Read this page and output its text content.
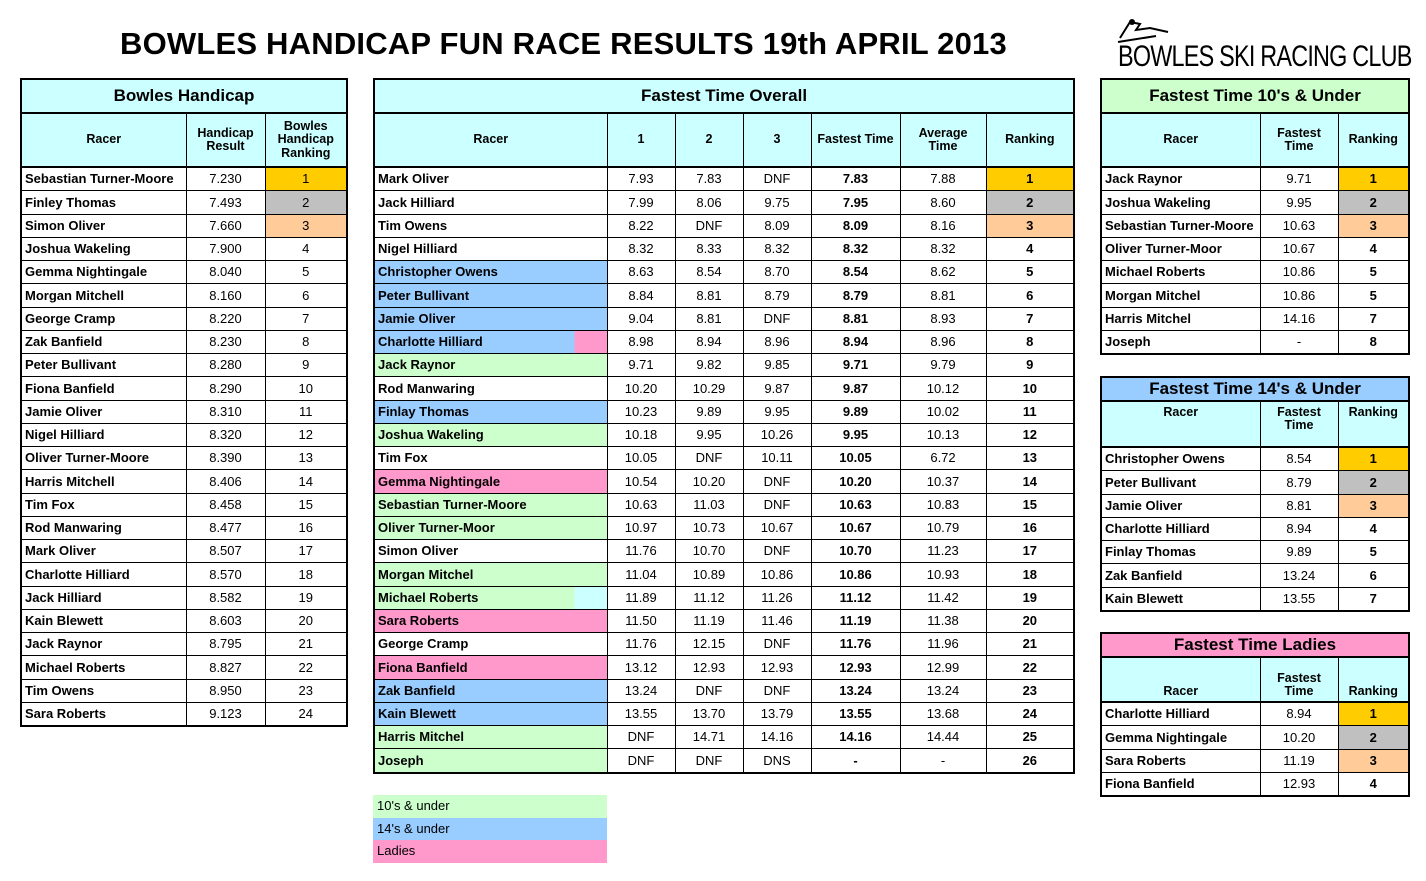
BOWLES HANDICAP FUN RACE RESULTS 19th APRIL 2013	BOWLES SKI RACING CLUB
Bowles Handicap		
Racer	Handicap Result	Bowles Handicap Ranking
Sebastian Turner-Moore	7.230	1
Finley Thomas	7.493	2
Simon Oliver	7.660	3
Joshua Wakeling	7.900	4
Gemma Nightingale	8.040	5
Morgan Mitchell	8.160	6
George Cramp	8.220	7
Zak Banfield	8.230	8
Peter Bullivant	8.280	9
Fiona Banfield	8.290	10
Jamie Oliver	8.310	11
Nigel Hilliard	8.320	12
Oliver Turner-Moore	8.390	13
Harris Mitchell	8.406	14
Tim Fox	8.458	15
Rod Manwaring	8.477	16
Mark Oliver	8.507	17
Charlotte Hilliard	8.570	18
Jack Hilliard	8.582	19
Kain Blewett	8.603	20
Jack Raynor	8.795	21
Michael Roberts	8.827	22
Tim Owens	8.950	23
Sara Roberts	9.123	24
Fastest Time Overall						
Racer	1	2	3	Fastest Time	Average Time	Ranking
Mark Oliver	7.93	7.83	DNF	7.83	7.88	1
Jack Hilliard	7.99	8.06	9.75	7.95	8.60	2
Tim Owens	8.22	DNF	8.09	8.09	8.16	3
Nigel Hilliard	8.32	8.33	8.32	8.32	8.32	4
Christopher Owens	8.63	8.54	8.70	8.54	8.62	5
Peter Bullivant	8.84	8.81	8.79	8.79	8.81	6
Jamie Oliver	9.04	8.81	DNF	8.81	8.93	7
Charlotte Hilliard	8.98	8.94	8.96	8.94	8.96	8
Jack Raynor	9.71	9.82	9.85	9.71	9.79	9
Rod Manwaring	10.20	10.29	9.87	9.87	10.12	10
Finlay Thomas	10.23	9.89	9.95	9.89	10.02	11
Joshua Wakeling	10.18	9.95	10.26	9.95	10.13	12
Tim Fox	10.05	DNF	10.11	10.05	6.72	13
Gemma Nightingale	10.54	10.20	DNF	10.20	10.37	14
Sebastian Turner-Moore	10.63	11.03	DNF	10.63	10.83	15
Oliver Turner-Moor	10.97	10.73	10.67	10.67	10.79	16
Simon Oliver	11.76	10.70	DNF	10.70	11.23	17
Morgan Mitchel	11.04	10.89	10.86	10.86	10.93	18
Michael Roberts	11.89	11.12	11.26	11.12	11.42	19
Sara Roberts	11.50	11.19	11.46	11.19	11.38	20
George Cramp	11.76	12.15	DNF	11.76	11.96	21
Fiona Banfield	13.12	12.93	12.93	12.93	12.99	22
Zak Banfield	13.24	DNF	DNF	13.24	13.24	23
Kain Blewett	13.55	13.70	13.79	13.55	13.68	24
Harris Mitchel	DNF	14.71	14.16	14.16	14.44	25
Joseph	DNF	DNF	DNS	-	-	26
Fastest Time 10's & Under		
Racer	Fastest Time	Ranking
Jack Raynor	9.71	1
Joshua Wakeling	9.95	2
Sebastian Turner-Moore	10.63	3
Oliver Turner-Moor	10.67	4
Michael Roberts	10.86	5
Morgan Mitchel	10.86	5
Harris Mitchel	14.16	7
Joseph	-	8
Fastest Time 14's & Under		
Racer	Fastest Time	Ranking
Christopher Owens	8.54	1
Peter Bullivant	8.79	2
Jamie Oliver	8.81	3
Charlotte Hilliard	8.94	4
Finlay Thomas	9.89	5
Zak Banfield	13.24	6
Kain Blewett	13.55	7
Fastest Time Ladies		
Racer	Fastest Time	Ranking
Charlotte Hilliard	8.94	1
Gemma Nightingale	10.20	2
Sara Roberts	11.19	3
Fiona Banfield	12.93	4
10's & under
14's & under
Ladies
